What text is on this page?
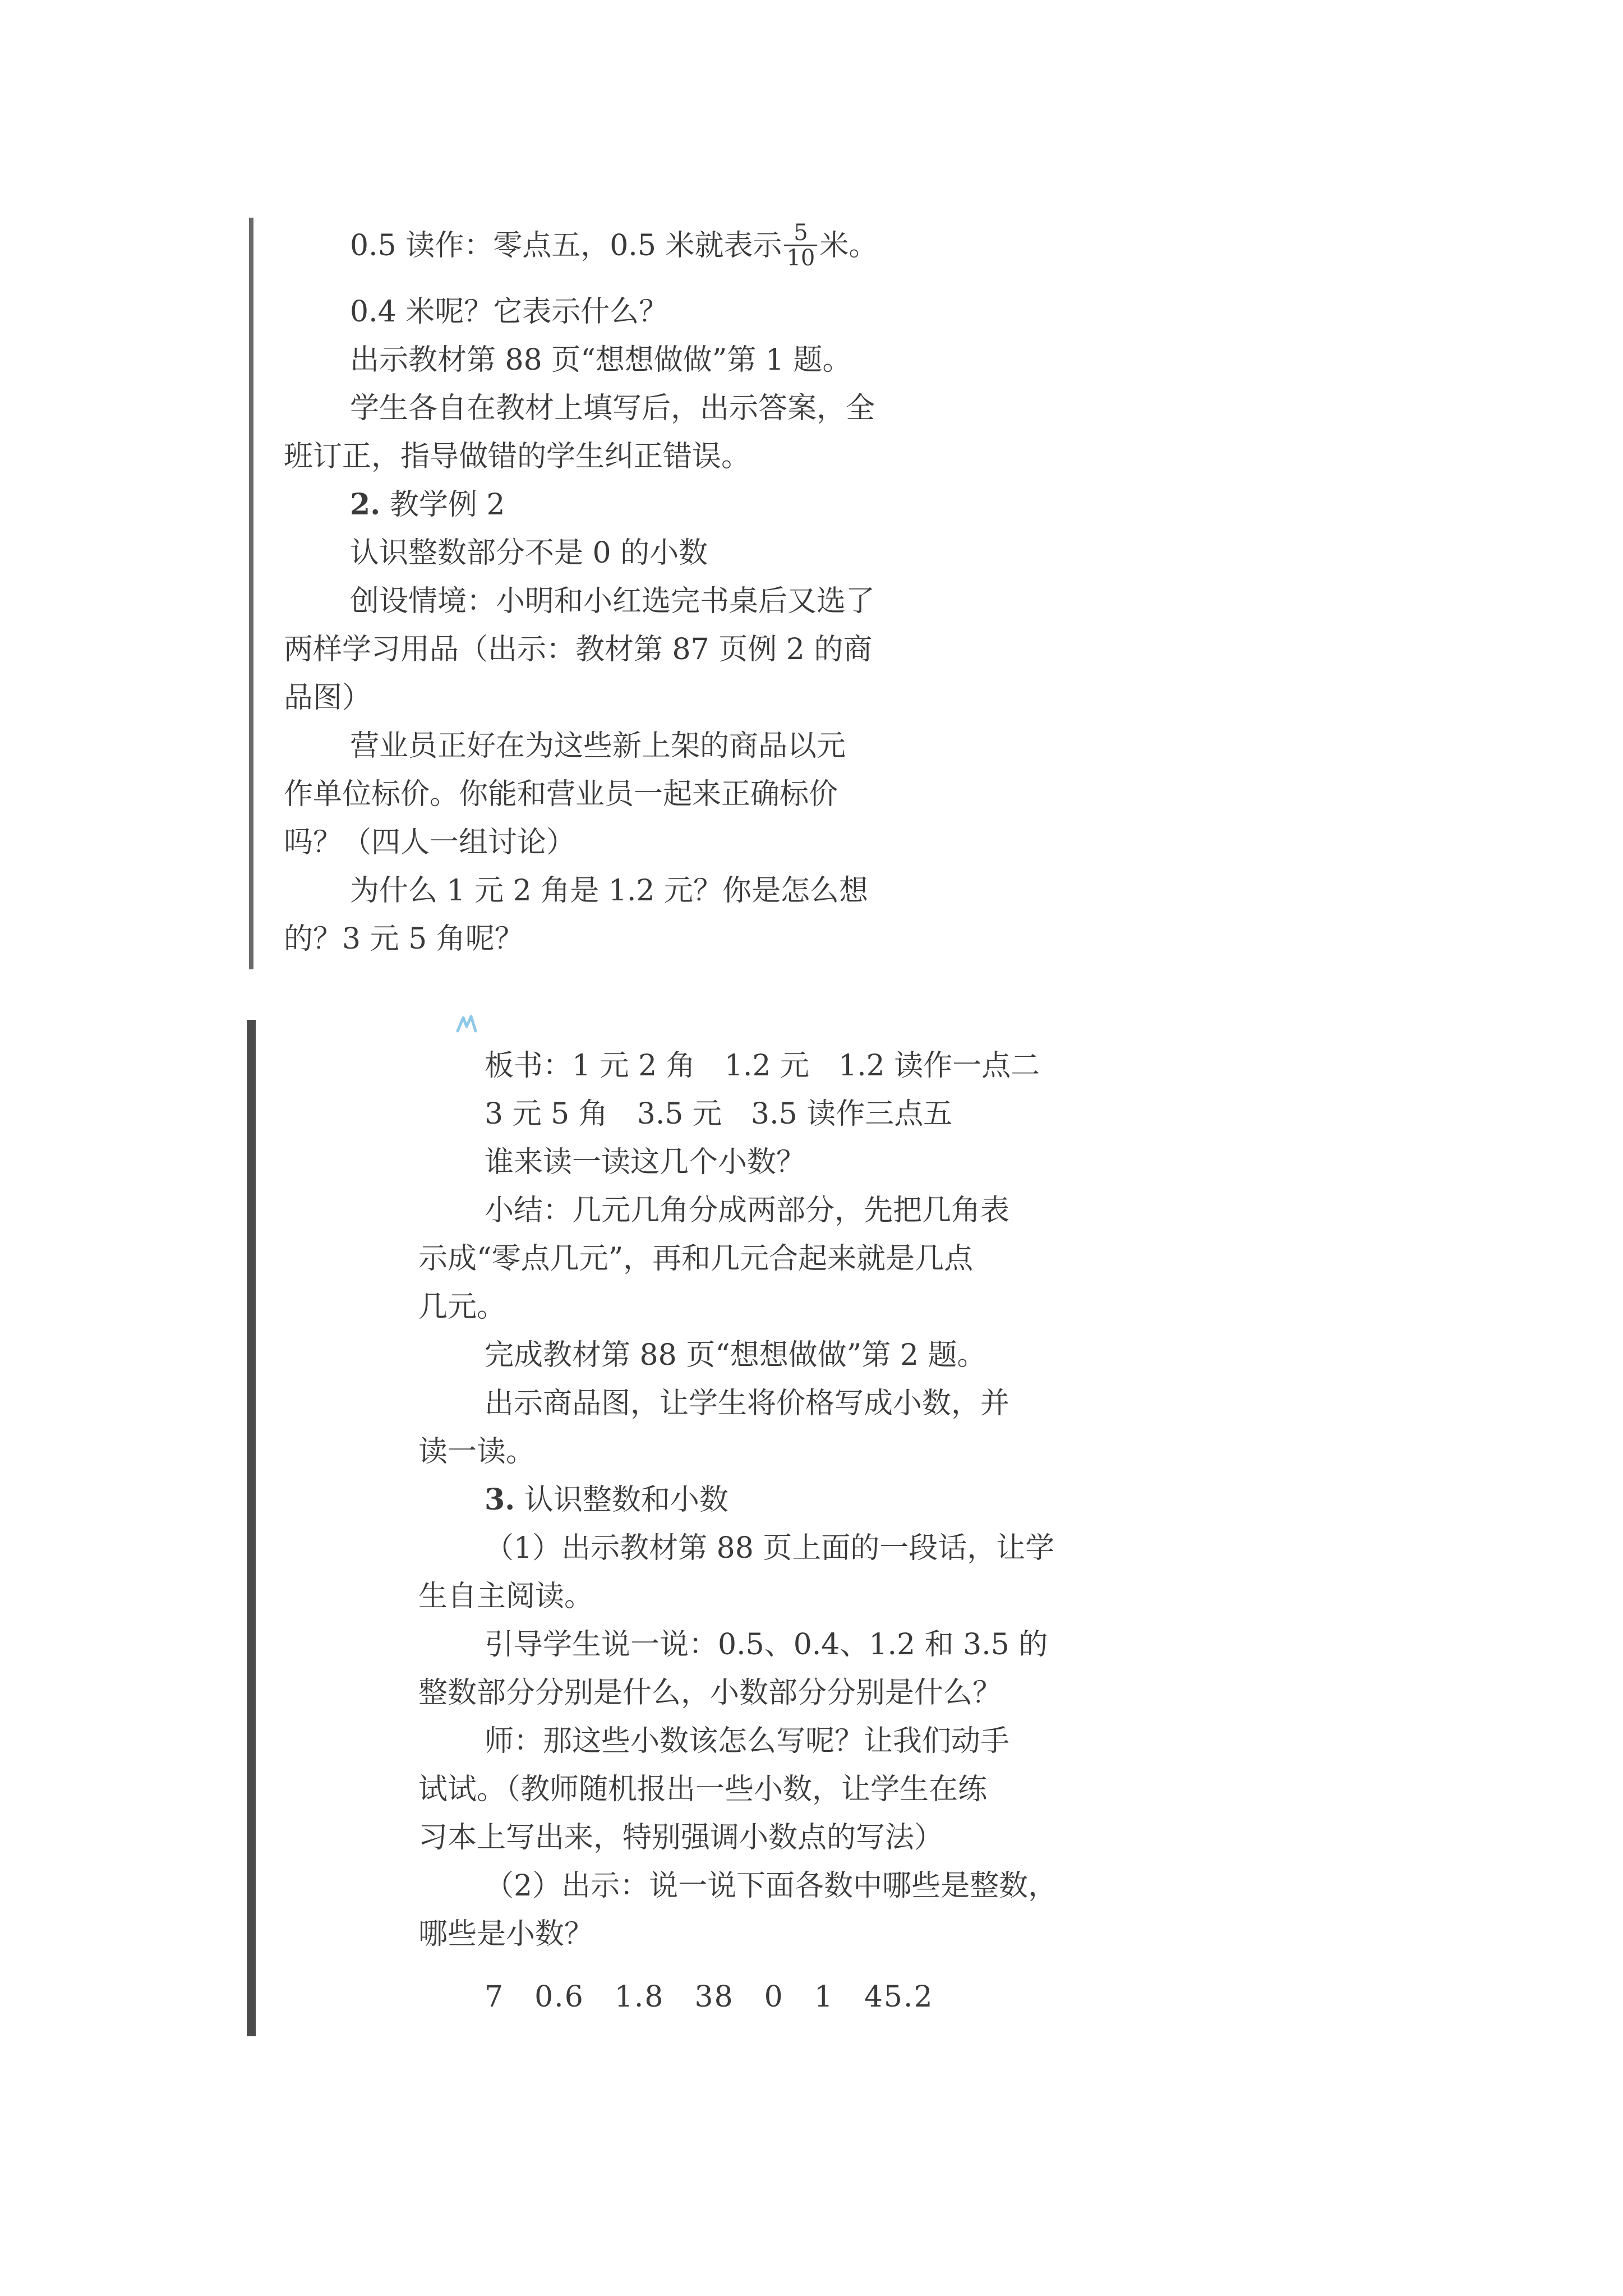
0.5 读作：零点五，0.5 米就表示 $\frac{5}{10}$ 米。
0.4 米呢？它表示什么？
出示教材第 88 页“想想做做”第 1 题。
学生各自在教材上填写后，出示答案，全
班订正，指导做错的学生纠正错误。
2. 教学例 2
认识整数部分不是 0 的小数
创设情境：小明和小红选完书桌后又选了
两样学习用品（出示：教材第 87 页例 2 的商
品图）
营业员正好在为这些新上架的商品以元
作单位标价。你能和营业员一起来正确标价
吗？（四人一组讨论）
为什么 1 元 2 角是 1.2 元？你是怎么想
的？3 元 5 角呢？
板书：1 元 2 角　1.2 元　1.2 读作一点二
3 元 5 角　3.5 元　3.5 读作三点五
谁来读一读这几个小数？
小结：几元几角分成两部分，先把几角表
示成“零点几元”，再和几元合起来就是几点
几元。
完成教材第 88 页“想想做做”第 2 题。
出示商品图，让学生将价格写成小数，并
读一读。
3. 认识整数和小数
（1）出示教材第 88 页上面的一段话，让学
生自主阅读。
引导学生说一说：0.5、0.4、1.2 和 3.5 的
整数部分分别是什么，小数部分分别是什么？
师：那这些小数该怎么写呢？让我们动手
试试。（教师随机报出一些小数，让学生在练
习本上写出来，特别强调小数点的写法）
（2）出示：说一说下面各数中哪些是整数，
哪些是小数？
7　0.6　1.8　38　0　1　45.2
